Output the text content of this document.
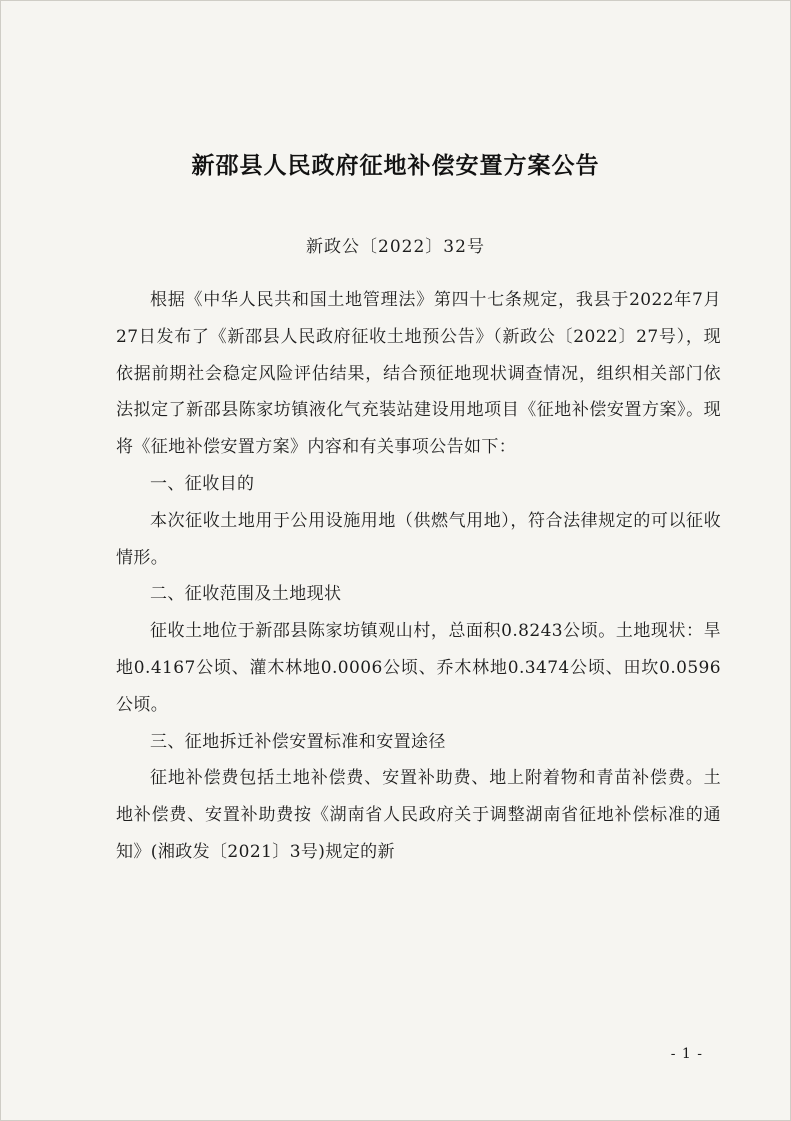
新邵县人民政府征地补偿安置方案公告
新政公〔2022〕32号

根据《中华人民共和国土地管理法》第四十七条规定，我县于2022年7月27日发布了《新邵县人民政府征收土地预公告》（新政公〔2022〕27号），现依据前期社会稳定风险评估结果，结合预征地现状调查情况，组织相关部门依法拟定了新邵县陈家坊镇液化气充装站建设用地项目《征地补偿安置方案》。现将《征地补偿安置方案》内容和有关事项公告如下：

一、征收目的

本次征收土地用于公用设施用地（供燃气用地），符合法律规定的可以征收情形。

二、征收范围及土地现状

征收土地位于新邵县陈家坊镇观山村，总面积0.8243公顷。土地现状：旱地0.4167公顷、灌木林地0.0006公顷、乔木林地0.3474公顷、田坎0.0596公顷。

三、征地拆迁补偿安置标准和安置途径

征地补偿费包括土地补偿费、安置补助费、地上附着物和青苗补偿费。土地补偿费、安置补助费按《湖南省人民政府关于调整湖南省征地补偿标准的通知》(湘政发〔2021〕3号)规定的新

- 1 -
